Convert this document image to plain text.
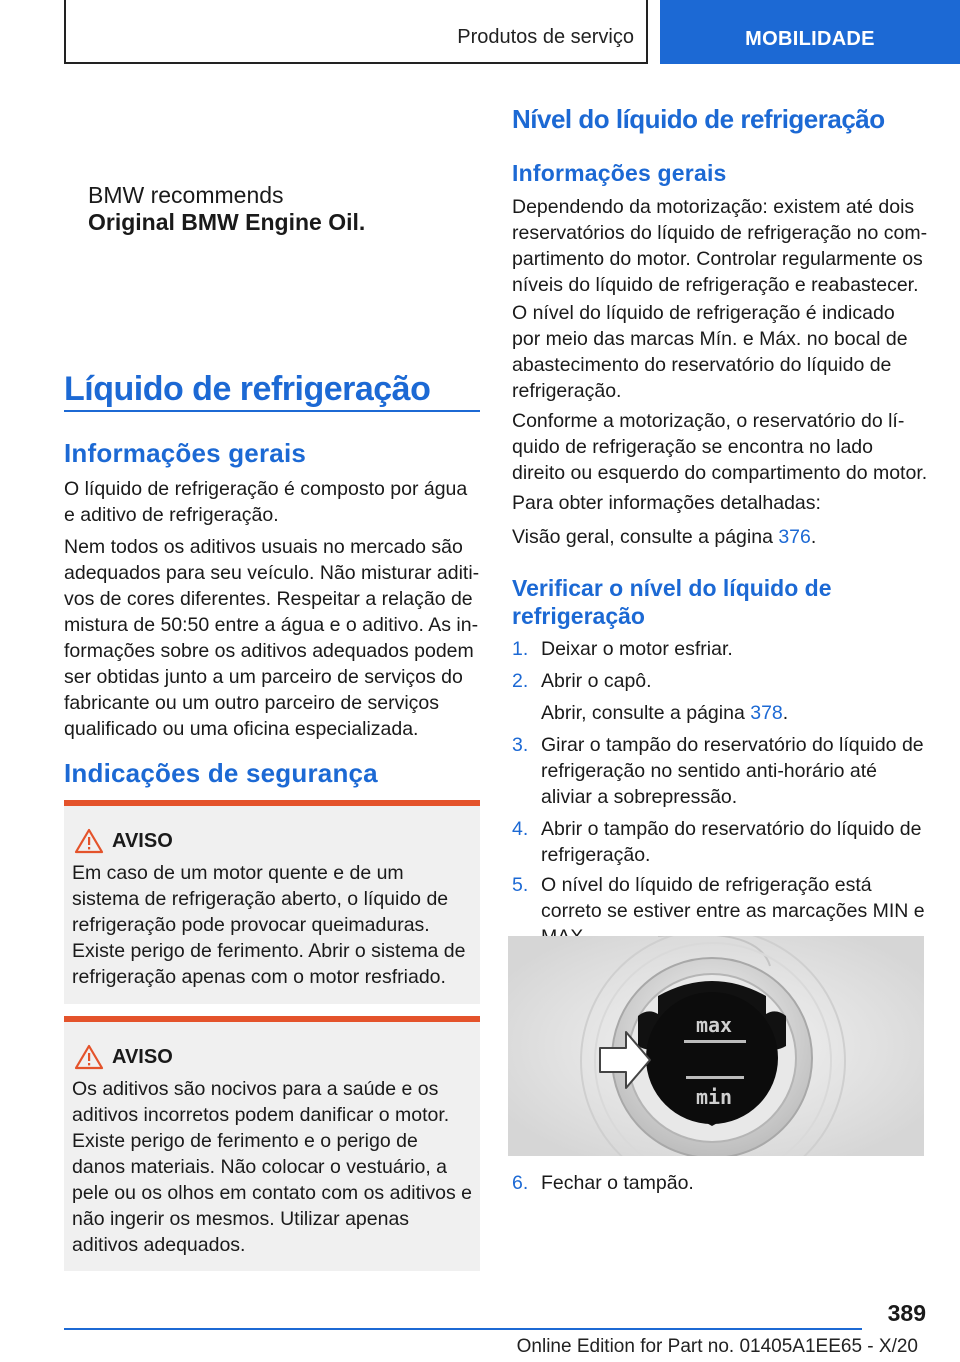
Produtos de serviço	MOBILIDADE
BMW recommends
Original BMW Engine Oil.
Líquido de refrigeração
Informações gerais

O líquido de refrigeração é composto por água e aditivo de refrigeração.

Nem todos os aditivos usuais no mercado são adequados para seu veículo. Não misturar aditivos de cores diferentes. Respeitar a relação de mistura de 50:50 entre a água e o aditivo. As informações sobre os aditivos adequados podem ser obtidas junto a um parceiro de serviços do fabricante ou um outro parceiro de serviços qualificado ou uma oficina especializada.

Indicações de segurança
AVISO

Em caso de um motor quente e de um sistema de refrigeração aberto, o líquido de refrigeração pode provocar queimaduras. Existe perigo de ferimento. Abrir o sistema de refrigeração apenas com o motor resfriado.

AVISO

Os aditivos são nocivos para a saúde e os aditivos incorretos podem danificar o motor. Existe perigo de ferimento e o perigo de danos materiais. Não colocar o vestuário, a pele ou os olhos em contato com os aditivos e não ingerir os mesmos. Utilizar apenas aditivos adequados.

Nível do líquido de refrigeração
Informações gerais

Dependendo da motorização: existem até dois reservatórios do líquido de refrigeração no compartimento do motor. Controlar regularmente os níveis do líquido de refrigeração e reabastecer.

O nível do líquido de refrigeração é indicado por meio das marcas Mín. e Máx. no bocal de abastecimento do reservatório do líquido de refrigeração.

Conforme a motorização, o reservatório do líquido de refrigeração se encontra no lado direito ou esquerdo do compartimento do motor.

Para obter informações detalhadas:

Visão geral, consulte a página 376.

Verificar o nível do líquido de refrigeração
1. Deixar o motor esfriar.

2. Abrir o capô.

Abrir, consulte a página 378.

3. Girar o tampão do reservatório do líquido de refrigeração no sentido anti-horário até aliviar a sobrepressão.

4. Abrir o tampão do reservatório do líquido de refrigeração.

5. O nível do líquido de refrigeração está correto se estiver entre as marcações MIN e

max
min
6. Fechar o tampão.

389
Online Edition for Part no. 01405A1EE65 - X/20
